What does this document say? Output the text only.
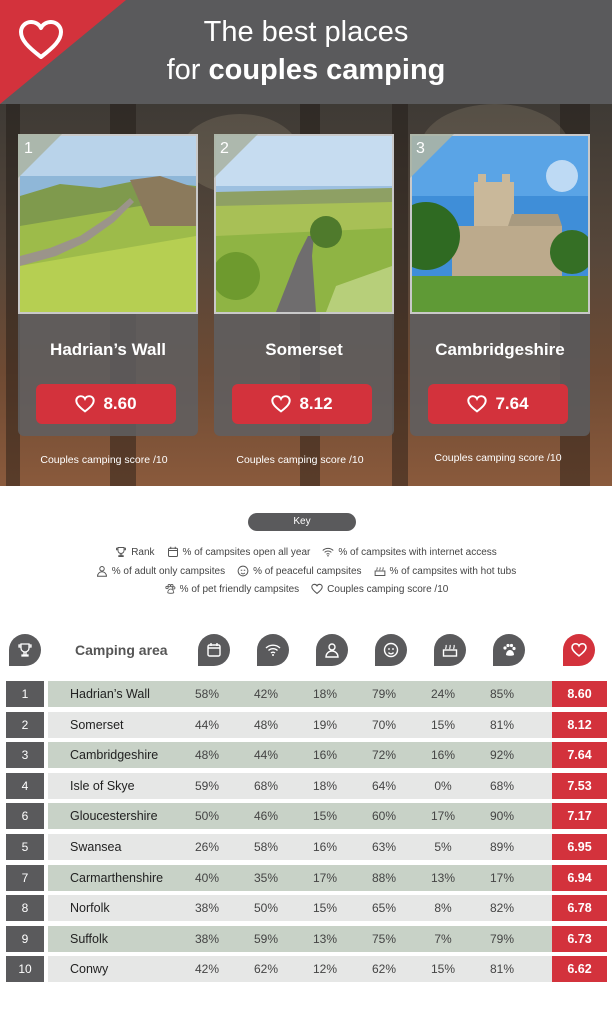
The best places
for couples camping
1
Hadrian’s Wall
8.60
Couples camping score /10
2
Somerset
8.12
Couples camping score /10
3
Cambridgeshire
7.64
Couples camping score /10
Key
Rank	% of campsites open all year	% of campsites with internet access
% of adult only campsites	% of peaceful campsites	% of campsites with hot tubs
% of pet friendly campsites	Couples camping score /10
Camping area
1	Hadrian’s Wall	58%	42%	18%	79%	24%	85%	8.60
2	Somerset	44%	48%	19%	70%	15%	81%	8.12
3	Cambridgeshire	48%	44%	16%	72%	16%	92%	7.64
4	Isle of Skye	59%	68%	18%	64%	0%	68%	7.53
6	Gloucestershire	50%	46%	15%	60%	17%	90%	7.17
5	Swansea	26%	58%	16%	63%	5%	89%	6.95
7	Carmarthenshire	40%	35%	17%	88%	13%	17%	6.94
8	Norfolk	38%	50%	15%	65%	8%	82%	6.78
9	Suffolk	38%	59%	13%	75%	7%	79%	6.73
10	Conwy	42%	62%	12%	62%	15%	81%	6.62
